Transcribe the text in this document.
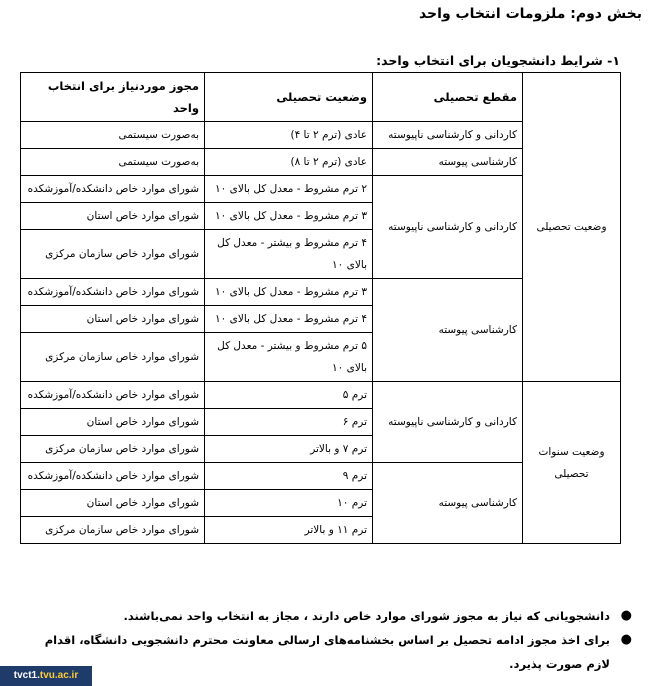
بخش دوم: ملزومات انتخاب واحد
۱- شرایط دانشجویان برای انتخاب واحد:
وضعیت تحصیلی	مقطع تحصیلی	وضعیت تحصیلی	مجوز موردنیاز برای انتخاب واحد
	کاردانی و کارشناسی ناپیوسته	عادی (ترم ۲ تا ۴)	به‌صورت سیستمی
	کارشناسی پیوسته	عادی (ترم ۲ تا ۸)	به‌صورت سیستمی
	کاردانی و کارشناسی ناپیوسته	۲ ترم مشروط - معدل کل بالای ۱۰	شورای موارد خاص دانشکده/آموزشکده
		۳ ترم مشروط - معدل کل بالای ۱۰	شورای موارد خاص استان
		۴ ترم مشروط و بیشتر - معدل کل بالای ۱۰	شورای موارد خاص سازمان مرکزی
	کارشناسی پیوسته	۳ ترم مشروط - معدل کل بالای ۱۰	شورای موارد خاص دانشکده/آموزشکده
		۴ ترم مشروط - معدل کل بالای ۱۰	شورای موارد خاص استان
		۵ ترم مشروط و بیشتر - معدل کل بالای ۱۰	شورای موارد خاص سازمان مرکزی
وضعیت سنوات تحصیلی	کاردانی و کارشناسی ناپیوسته	ترم ۵	شورای موارد خاص دانشکده/آموزشکده
		ترم ۶	شورای موارد خاص استان
		ترم ۷ و بالاتر	شورای موارد خاص سازمان مرکزی
	کارشناسی پیوسته	ترم ۹	شورای موارد خاص دانشکده/آموزشکده
		ترم ۱۰	شورای موارد خاص استان
		ترم ۱۱ و بالاتر	شورای موارد خاص سازمان مرکزی
●
دانشجویانی که نیاز به مجوز شورای موارد خاص دارند ، مجاز به انتخاب واحد نمی‌باشند.
●
برای اخذ مجوز ادامه تحصیل بر اساس بخشنامه‌های ارسالی معاونت محترم دانشجویی دانشگاه، اقدام لازم صورت پذیرد.
tvct1.tvu.ac.ir
